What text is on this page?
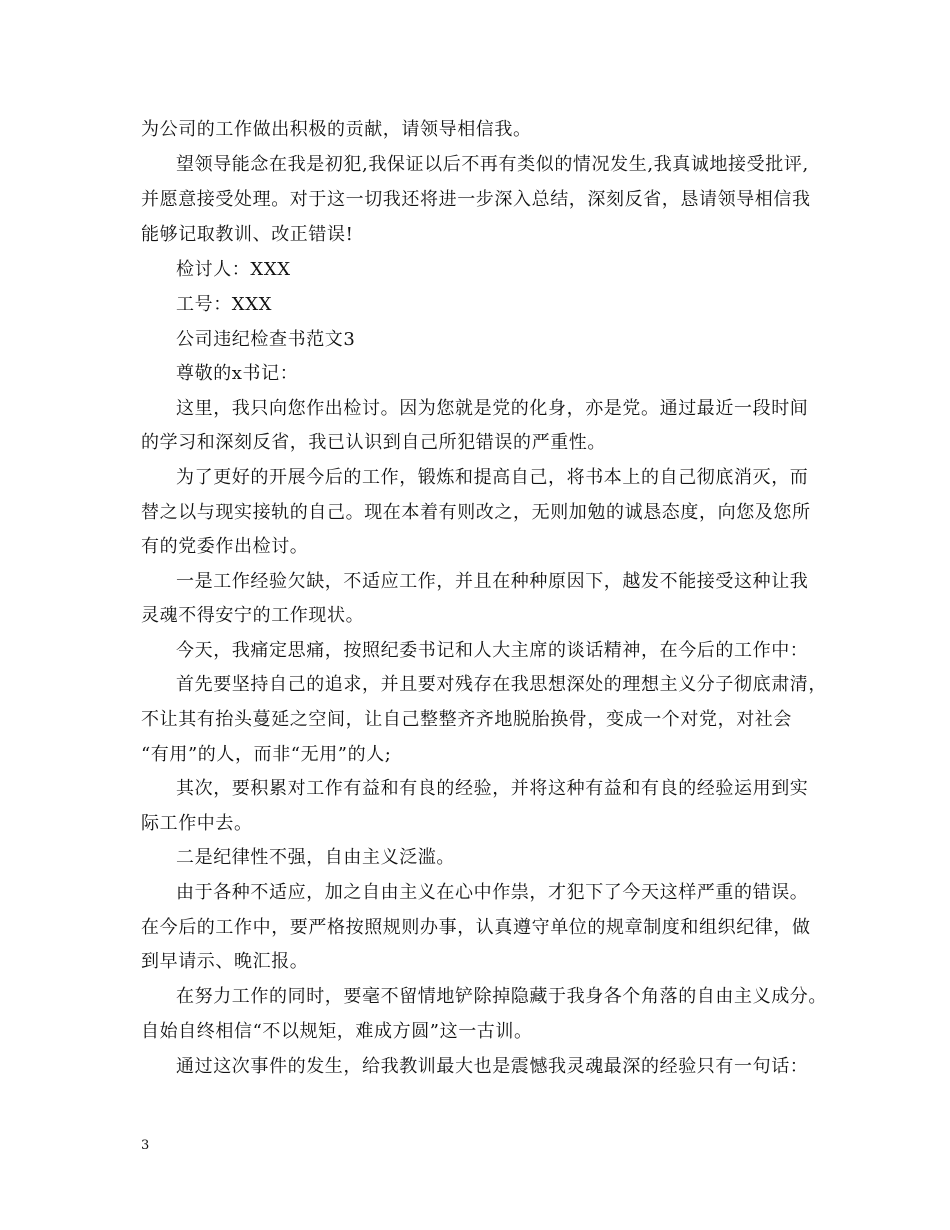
为公司的工作做出积极的贡献，请领导相信我。
望领导能念在我是初犯,我保证以后不再有类似的情况发生,我真诚地接受批评,
并愿意接受处理。对于这一切我还将进一步深入总结，深刻反省，恳请领导相信我
能够记取教训、改正错误!
检讨人：XXX
工号：XXX
公司违纪检查书范文3
尊敬的x书记：
这里，我只向您作出检讨。因为您就是党的化身，亦是党。通过最近一段时间
的学习和深刻反省，我已认识到自己所犯错误的严重性。
为了更好的开展今后的工作，锻炼和提高自己，将书本上的自己彻底消灭，而
替之以与现实接轨的自己。现在本着有则改之，无则加勉的诚恳态度，向您及您所
有的党委作出检讨。
一是工作经验欠缺，不适应工作，并且在种种原因下，越发不能接受这种让我
灵魂不得安宁的工作现状。
今天，我痛定思痛，按照纪委书记和人大主席的谈话精神，在今后的工作中：
首先要坚持自己的追求，并且要对残存在我思想深处的理想主义分子彻底肃清，
不让其有抬头蔓延之空间，让自己整整齐齐地脱胎换骨，变成一个对党，对社会
“有用”的人，而非“无用”的人;
其次，要积累对工作有益和有良的经验，并将这种有益和有良的经验运用到实
际工作中去。
二是纪律性不强，自由主义泛滥。
由于各种不适应，加之自由主义在心中作祟，才犯下了今天这样严重的错误。
在今后的工作中，要严格按照规则办事，认真遵守单位的规章制度和组织纪律，做
到早请示、晚汇报。
在努力工作的同时，要毫不留情地铲除掉隐藏于我身各个角落的自由主义成分。
自始自终相信“不以规矩，难成方圆”这一古训。
通过这次事件的发生，给我教训最大也是震憾我灵魂最深的经验只有一句话：
3
